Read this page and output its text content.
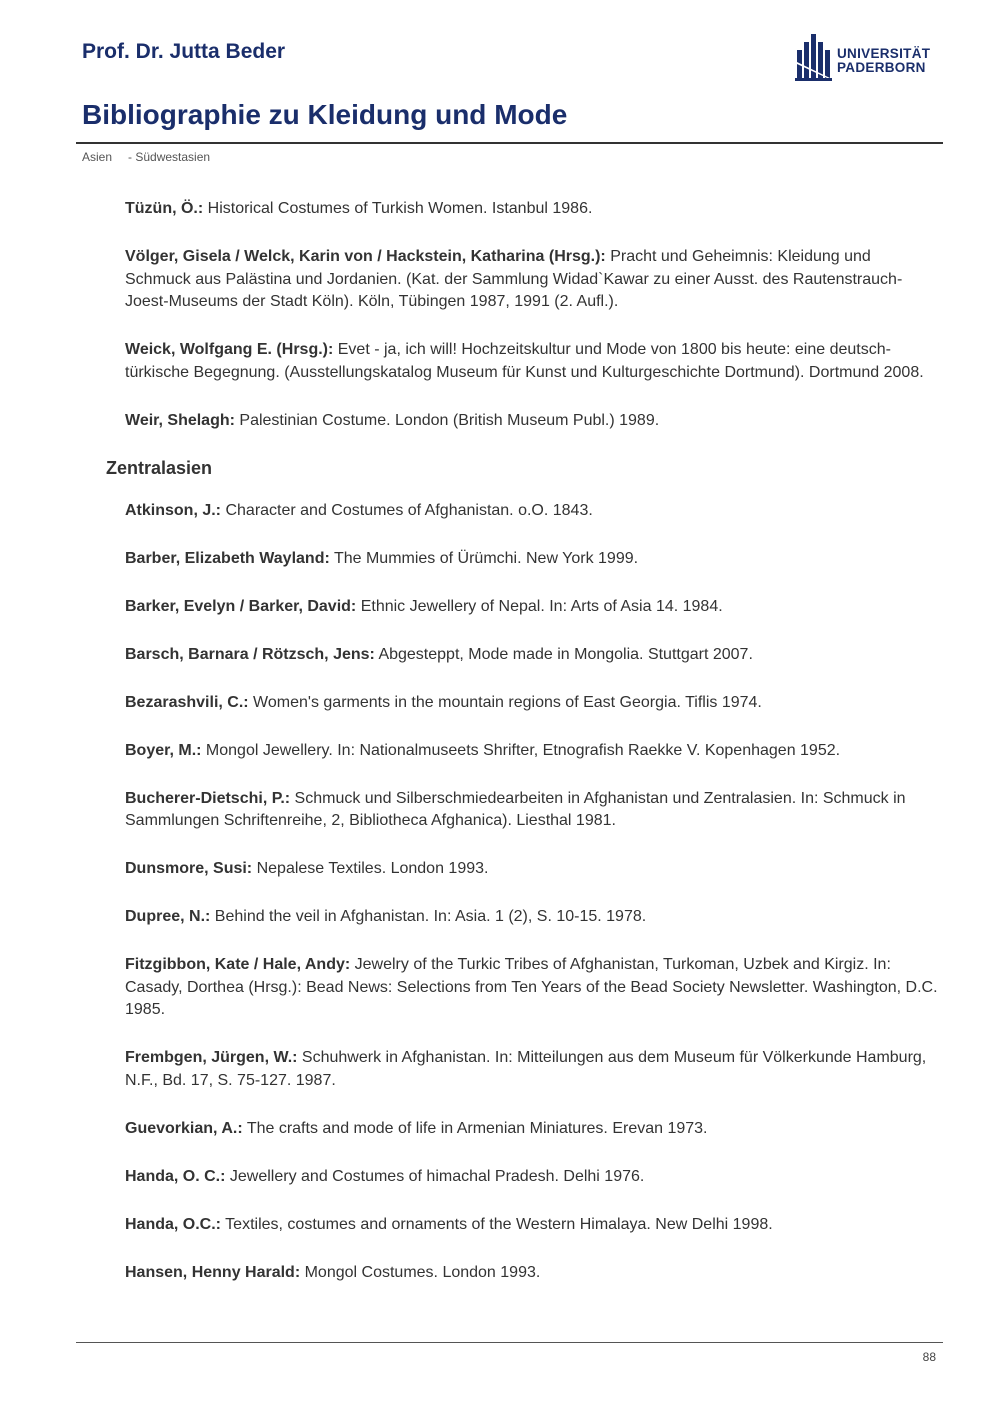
Prof. Dr. Jutta Beder	UNIVERSITÄT
PADERBORN
Bibliographie zu Kleidung und Mode
Asien - Südwestasien

Tüzün, Ö.: Historical Costumes of Turkish Women. Istanbul 1986.

Völger, Gisela / Welck, Karin von / Hackstein, Katharina (Hrsg.): Pracht und Geheimnis: Kleidung und Schmuck aus Palästina und Jordanien. (Kat. der Sammlung Widad`Kawar zu einer Ausst. des Rautenstrauch-Joest-Museums der Stadt Köln). Köln, Tübingen 1987, 1991 (2. Aufl.).

Weick, Wolfgang E. (Hrsg.): Evet - ja, ich will! Hochzeitskultur und Mode von 1800 bis heute: eine deutsch-türkische Begegnung. (Ausstellungskatalog Museum für Kunst und Kulturgeschichte Dortmund). Dortmund 2008.

Weir, Shelagh: Palestinian Costume. London (British Museum Publ.) 1989.

Zentralasien

Atkinson, J.: Character and Costumes of Afghanistan. o.O. 1843.

Barber, Elizabeth Wayland: The Mummies of Ürümchi. New York 1999.

Barker, Evelyn / Barker, David: Ethnic Jewellery of Nepal. In: Arts of Asia 14. 1984.

Barsch, Barnara / Rötzsch, Jens: Abgesteppt, Mode made in Mongolia. Stuttgart 2007.

Bezarashvili, C.: Women's garments in the mountain regions of East Georgia. Tiflis 1974.

Boyer, M.: Mongol Jewellery. In: Nationalmuseets Shrifter, Etnografish Raekke V. Kopenhagen 1952.

Bucherer-Dietschi, P.: Schmuck und Silberschmiedearbeiten in Afghanistan und Zentralasien. In: Schmuck in Sammlungen Schriftenreihe, 2, Bibliotheca Afghanica). Liesthal 1981.

Dunsmore, Susi: Nepalese Textiles. London 1993.

Dupree, N.: Behind the veil in Afghanistan. In: Asia. 1 (2), S. 10-15. 1978.

Fitzgibbon, Kate / Hale, Andy: Jewelry of the Turkic Tribes of Afghanistan, Turkoman, Uzbek and Kirgiz. In: Casady, Dorthea (Hrsg.): Bead News: Selections from Ten Years of the Bead Society Newsletter. Washington, D.C. 1985.

Frembgen, Jürgen, W.: Schuhwerk in Afghanistan. In: Mitteilungen aus dem Museum für Völkerkunde Hamburg, N.F., Bd. 17, S. 75-127. 1987.

Guevorkian, A.: The crafts and mode of life in Armenian Miniatures. Erevan 1973.

Handa, O. C.: Jewellery and Costumes of himachal Pradesh. Delhi 1976.

Handa, O.C.: Textiles, costumes and ornaments of the Western Himalaya. New Delhi 1998.

Hansen, Henny Harald: Mongol Costumes. London 1993.

88
